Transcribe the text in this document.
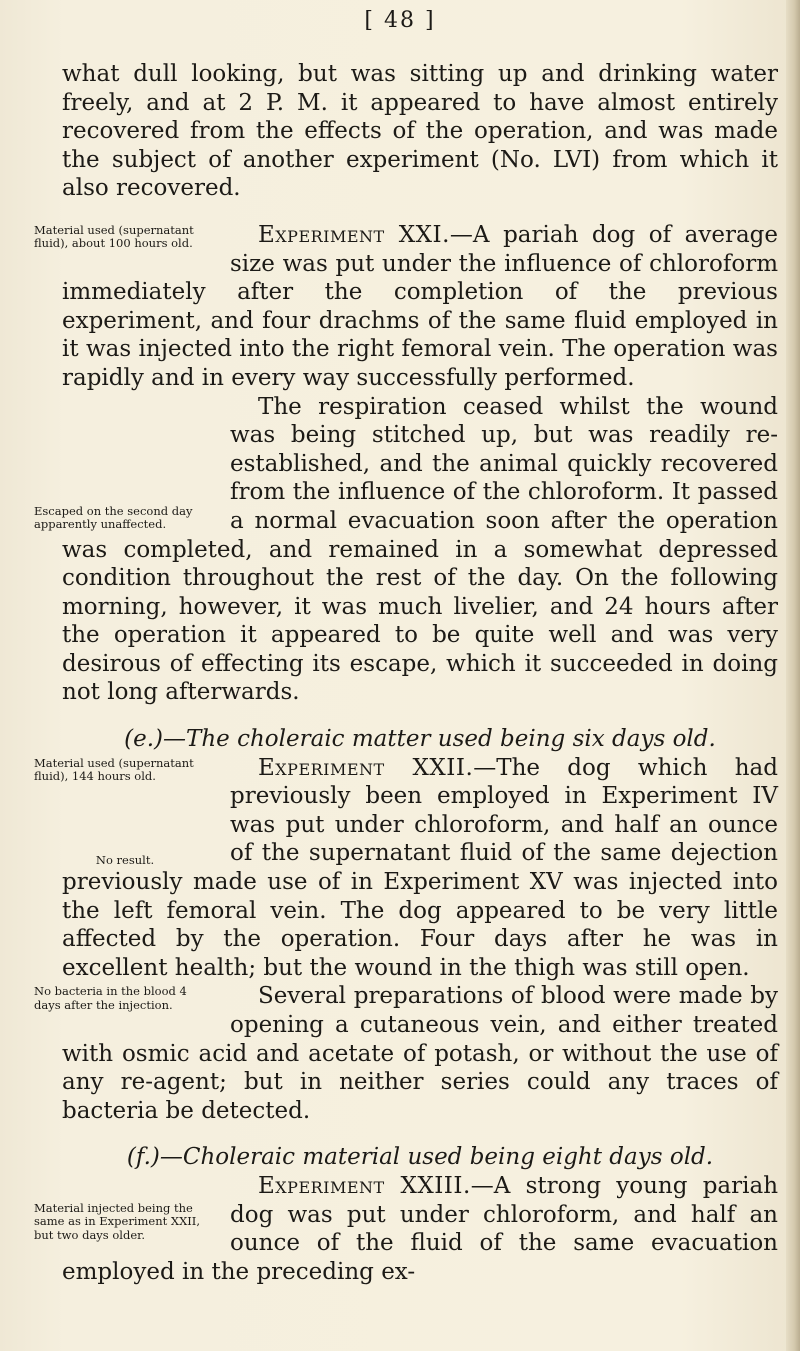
[ 48 ]

what dull looking, but was sitting up and drinking water freely, and at 2 P. M. it appeared to have almost entirely recovered from the effects of the operation, and was made the subject of another experiment (No. LVI) from which it also recovered.

Material used (supernatant fluid), about 100 hours old.	Experiment XXI.—A pariah dog of average size was put under the influence of chloroform immediately after the completion of the previous experiment, and four drachms of the same fluid employed in it was injected into the right femoral vein. The operation was rapidly and in every way successfully performed.

Escaped on the second day apparently unaffected.
The respiration ceased whilst the wound was being stitched up, but was readily re-established, and the animal quickly recovered from the influence of the chloroform. It passed a normal evacuation soon after the operation was completed, and remained in a somewhat depressed condition throughout the rest of the day. On the following morning, however, it was much livelier, and 24 hours after the operation it appeared to be quite well and was very desirous of effecting its escape, which it succeeded in doing not long afterwards.

(e.)—The choleraic matter used being six days old.

Material used (supernatant fluid), 144 hours old.
No result.
Experiment XXII.—The dog which had previously been employed in Experiment IV was put under chloroform, and half an ounce of the supernatant fluid of the same dejection previously made use of in Experiment XV was injected into the left femoral vein. The dog appeared to be very little affected by the operation. Four days after he was in excellent health; but the wound in the thigh was still open.

No bacteria in the blood 4 days after the injection.	Several preparations of blood were made by opening a cutaneous vein, and either treated with osmic acid and acetate of potash, or without the use of any re-agent; but in neither series could any traces of bacteria be detected.

(f.)—Choleraic material used being eight days old.

Material injected being the same as in Experiment XXII, but two days older.
Experiment XXIII.—A strong young pariah dog was put under chloroform, and half an ounce of the fluid of the same evacuation employed in the preceding ex-
